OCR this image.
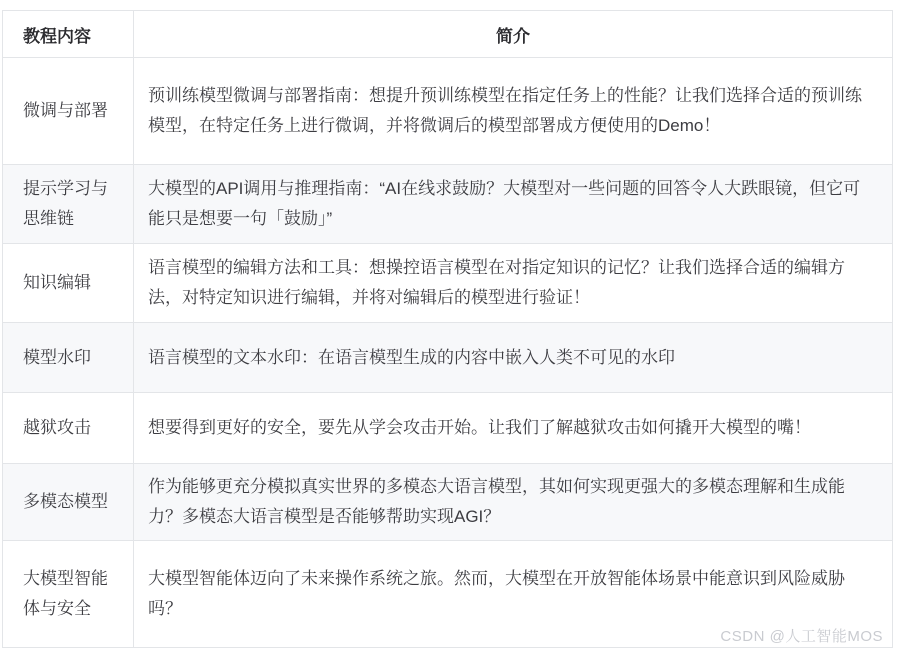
教程内容	简介
微调与部署	预训练模型微调与部署指南：想提升预训练模型在指定任务上的性能？让我们选择合适的预训练模型，在特定任务上进行微调，并将微调后的模型部署成方便使用的Demo！
提示学习与思维链	大模型的API调用与推理指南：“AI在线求鼓励？大模型对一些问题的回答令人大跌眼镜，但它可能只是想要一句「鼓励」”
知识编辑	语言模型的编辑方法和工具：想操控语言模型在对指定知识的记忆？让我们选择合适的编辑方法，对特定知识进行编辑，并将对编辑后的模型进行验证！
模型水印	语言模型的文本水印：在语言模型生成的内容中嵌入人类不可见的水印
越狱攻击	想要得到更好的安全，要先从学会攻击开始。让我们了解越狱攻击如何撬开大模型的嘴！
多模态模型	作为能够更充分模拟真实世界的多模态大语言模型，其如何实现更强大的多模态理解和生成能力？多模态大语言模型是否能够帮助实现AGI？
大模型智能体与安全	大模型智能体迈向了未来操作系统之旅。然而，大模型在开放智能体场景中能意识到风险威胁吗？
CSDN @人工智能MOS
